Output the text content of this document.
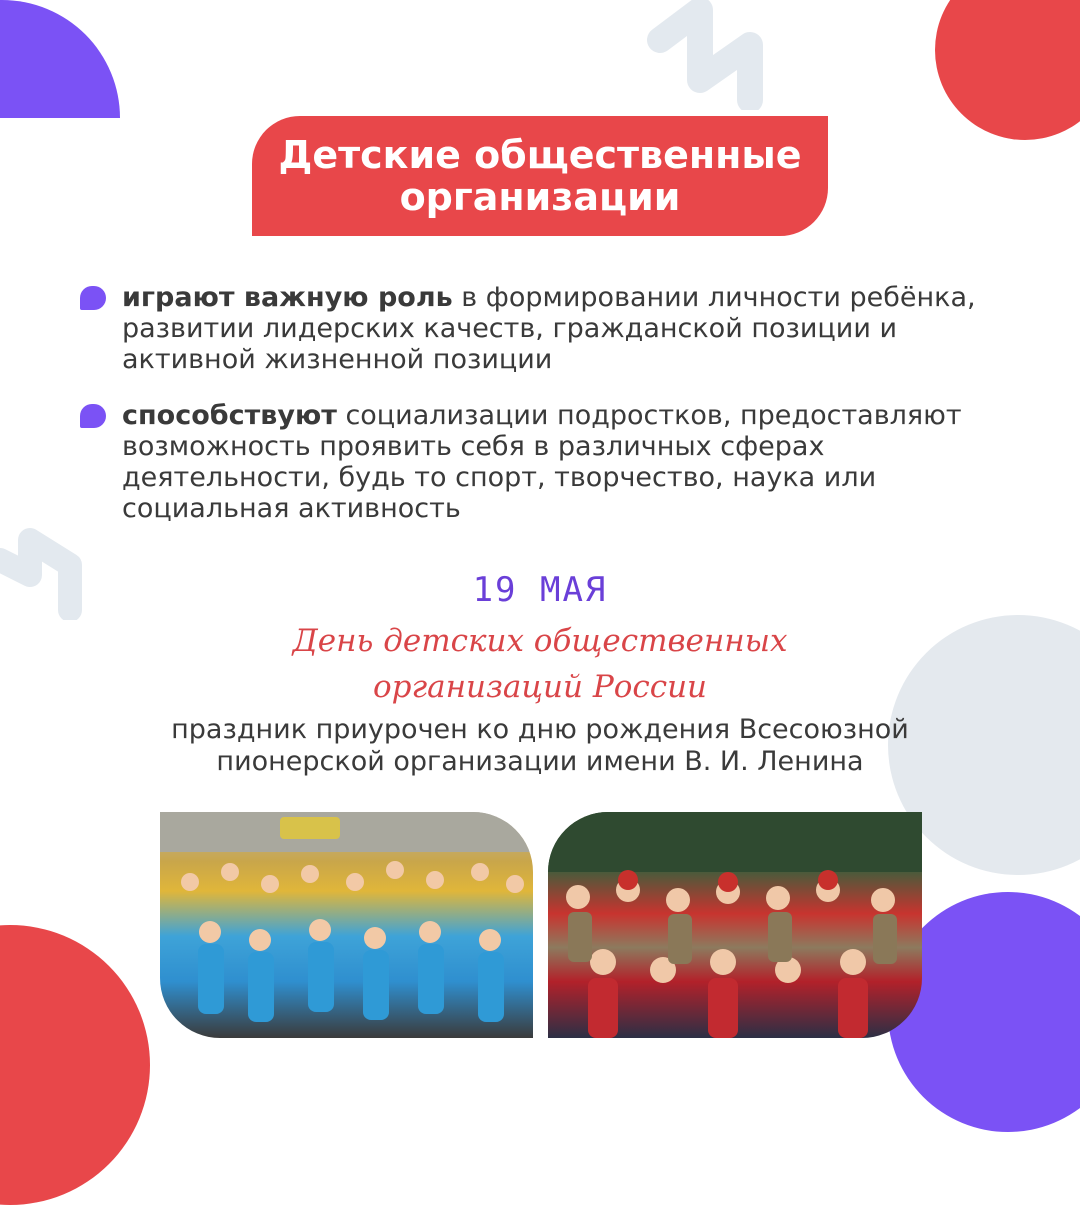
Детские общественные
организации
играют важную роль в формировании личности ребёнка, развитии лидерских качеств, гражданской позиции и активной жизненной позиции
способствуют социализации подростков, предоставляют возможность проявить себя в различных сферах деятельности, будь то спорт, творчество, наука или социальная активность
19 МАЯ
День детских общественных
организаций России
праздник приурочен ко дню рождения Всесоюзной
пионерской организации имени В. И. Ленина
